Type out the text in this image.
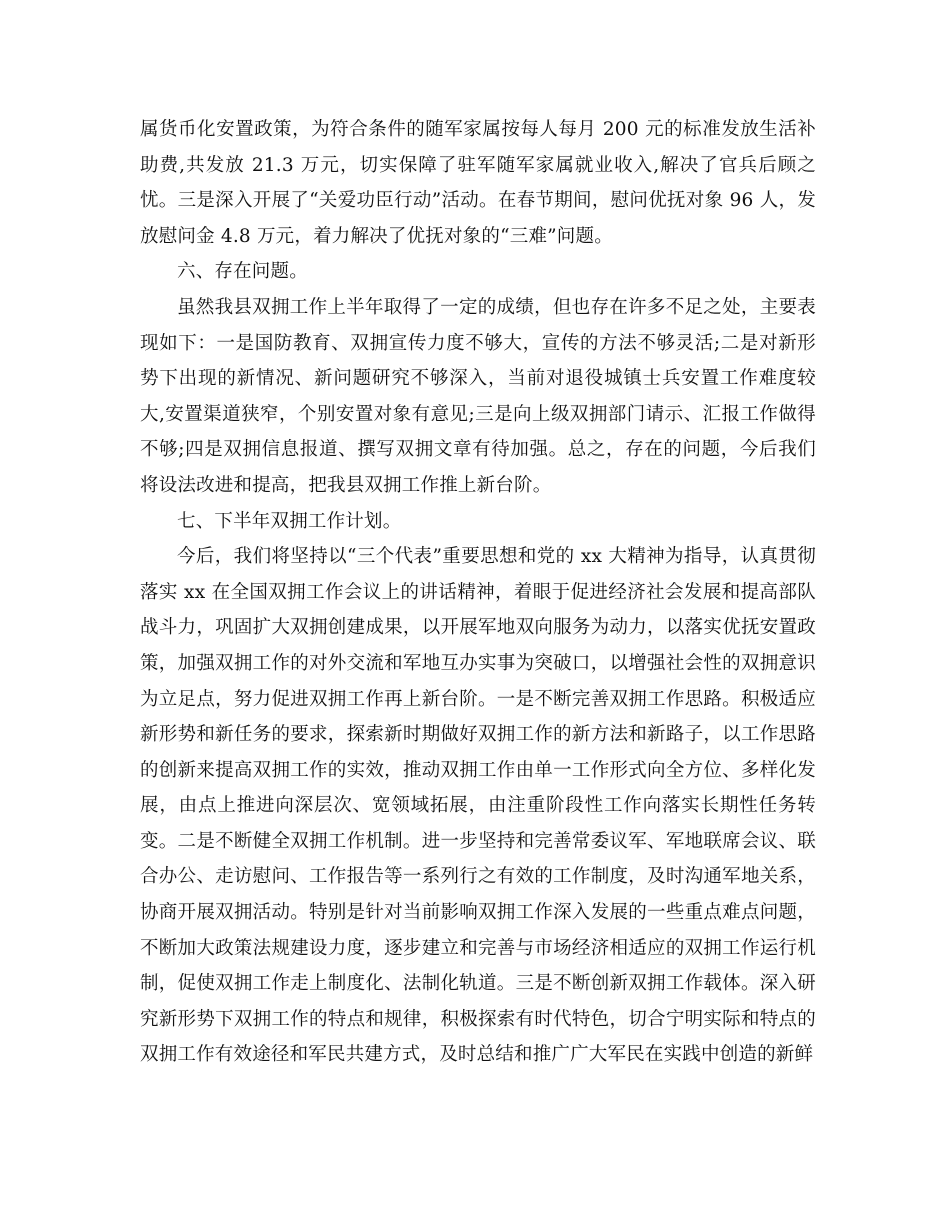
属货币化安置政策，为符合条件的随军家属按每人每月 200 元的标准发放生活补助费,共发放 21.3 万元，切实保障了驻军随军家属就业收入,解决了官兵后顾之忧。三是深入开展了“关爱功臣行动”活动。在春节期间，慰问优抚对象 96 人，发放慰问金 4.8 万元，着力解决了优抚对象的“三难”问题。

六、存在问题。

虽然我县双拥工作上半年取得了一定的成绩，但也存在许多不足之处，主要表现如下：一是国防教育、双拥宣传力度不够大，宣传的方法不够灵活;二是对新形势下出现的新情况、新问题研究不够深入，当前对退役城镇士兵安置工作难度较大,安置渠道狭窄，个别安置对象有意见;三是向上级双拥部门请示、汇报工作做得不够;四是双拥信息报道、撰写双拥文章有待加强。总之，存在的问题，今后我们将设法改进和提高，把我县双拥工作推上新台阶。

七、下半年双拥工作计划。

今后，我们将坚持以“三个代表”重要思想和党的 xx 大精神为指导，认真贯彻落实 xx 在全国双拥工作会议上的讲话精神，着眼于促进经济社会发展和提高部队战斗力，巩固扩大双拥创建成果，以开展军地双向服务为动力，以落实优抚安置政策，加强双拥工作的对外交流和军地互办实事为突破口，以增强社会性的双拥意识为立足点，努力促进双拥工作再上新台阶。一是不断完善双拥工作思路。积极适应新形势和新任务的要求，探索新时期做好双拥工作的新方法和新路子，以工作思路的创新来提高双拥工作的实效，推动双拥工作由单一工作形式向全方位、多样化发展，由点上推进向深层次、宽领域拓展，由注重阶段性工作向落实长期性任务转变。二是不断健全双拥工作机制。进一步坚持和完善常委议军、军地联席会议、联合办公、走访慰问、工作报告等一系列行之有效的工作制度，及时沟通军地关系，协商开展双拥活动。特别是针对当前影响双拥工作深入发展的一些重点难点问题，不断加大政策法规建设力度，逐步建立和完善与市场经济相适应的双拥工作运行机制，促使双拥工作走上制度化、法制化轨道。三是不断创新双拥工作载体。深入研究新形势下双拥工作的特点和规律，积极探索有时代特色，切合宁明实际和特点的双拥工作有效途径和军民共建方式，及时总结和推广广大军民在实践中创造的新鲜
